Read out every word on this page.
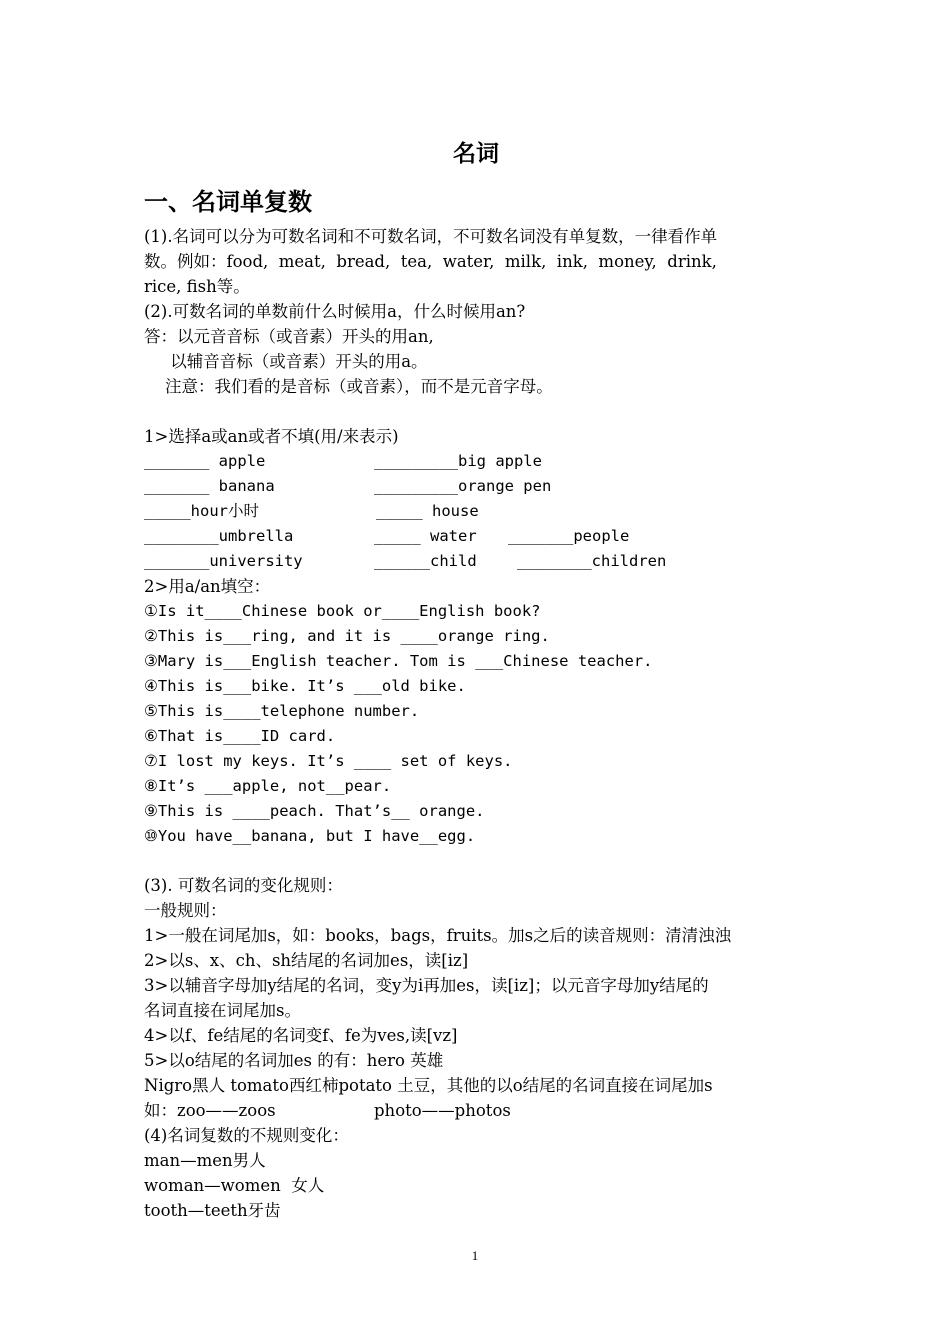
名词
一、名词单复数
(1).名词可以分为可数名词和不可数名词，不可数名词没有单复数，一律看作单
数。例如：food,  meat,  bread,  tea,  water,  milk,  ink,  money,  drink,
rice, fish等。
(2).可数名词的单数前什么时候用a，什么时候用an?
答：以元音音标（或音素）开头的用an,
以辅音音标（或音素）开头的用a。
注意：我们看的是音标（或音素），而不是元音字母。
1>选择a或an或者不填(用/来表示)
_______ apple	_________big apple
_______ banana	_________orange pen
_____hour小时	_____ house
________umbrella	_____ water _______people
_______university	______child	________children
2>用a/an填空：
①Is it____Chinese book or____English book?
②This is___ring, and it is ____orange ring.
③Mary is___English teacher. Tom is ___Chinese teacher.
④This is___bike. It’s ___old bike.
⑤This is____telephone number.
⑥That is____ID card.
⑦I lost my keys. It’s ____ set of keys.
⑧It’s ___apple, not__pear.
⑨This is ____peach. That’s__ orange.
⑩You have__banana, but I have__egg.
(3). 可数名词的变化规则：
一般规则：
1>一般在词尾加s，如：books，bags，fruits。加s之后的读音规则：清清浊浊
2>以s、x、ch、sh结尾的名词加es，读[iz]
3>以辅音字母加y结尾的名词，变y为i再加es，读[iz]；以元音字母加y结尾的
名词直接在词尾加s。
4>以f、fe结尾的名词变f、fe为ves,读[vz]
5>以o结尾的名词加es 的有：hero 英雄
Nigro黑人 tomato西红柿potato 土豆，其他的以o结尾的名词直接在词尾加s
如：zoo——zoos	photo——photos
(4)名词复数的不规则变化：
man—men男人
woman—women  女人
tooth—teeth牙齿
1
